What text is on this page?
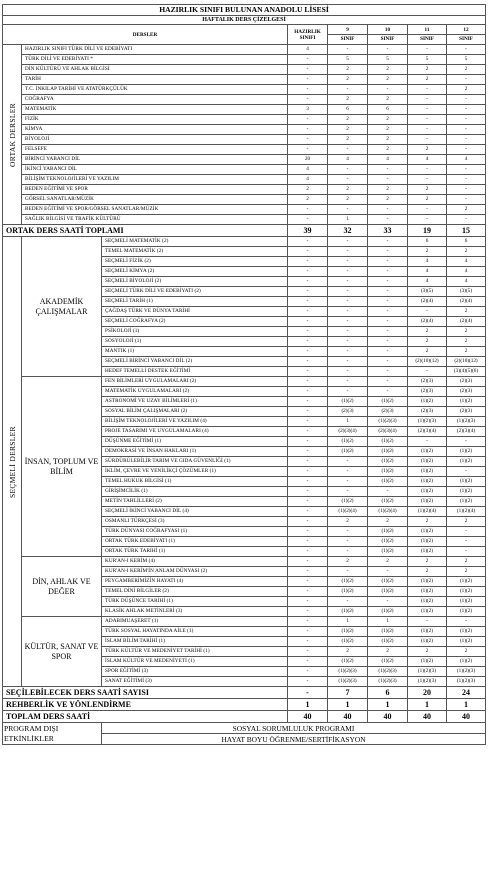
HAZIRLIK SINIFI BULUNAN ANADOLU LİSESİ							
HAFTALIK DERS ÇİZELGESİ							
DERSLER			HAZIRLIK SINIFI	9	10	11	12
				SINIF	SINIF	SINIF	SINIF
ORTAK DERSLER	HAZIRLIK SINIFI TÜRK DİLİ VE EDEBİYATI		4	-	-	-	-
	TÜRK DİLİ VE EDEBİYATI *		-	5	5	5	5
	DİN KÜLTÜRÜ VE AHLAK BİLGİSİ		-	2	2	2	2
	TARİH		-	2	2	2	-
	T.C. İNKILAP TARİHİ VE ATATÜRKÇÜLÜK		-	-	-	-	2
	COĞRAFYA		-	2	2	-	-
	MATEMATİK		3	6	6	-	-
	FİZİK		-	2	2	-	-
	KİMYA		-	2	2	-	-
	BİYOLOJİ		-	2	2	-	-
	FELSEFE		-	-	2	2	-
	BİRİNCİ YABANCI DİL		20	4	4	4	4
	İKİNCİ YABANCI DİL		4	-	-	-	-
	BİLİŞİM TEKNOLOJİLERİ VE YAZILIM		4	-	-	-	-
	BEDEN EĞİTİMİ VE SPOR		2	2	2	2	-
	GÖRSEL SANATLAR/MÜZİK		2	2	2	2	-
	BEDEN EĞİTİMİ VE SPOR/GÖRSEL SANATLAR/MÜZİK		-	-	-	-	2
	SAĞLIK BİLGİSİ VE TRAFİK KÜLTÜRÜ		-	1	-	-	-
ORTAK DERS SAATİ TOPLAMI			39	32	33	19	15
SEÇMELİ DERSLER	AKADEMİK ÇALIŞMALAR	SEÇMELİ MATEMATİK (2)	-	-	-	6	6
		TEMEL MATEMATİK (2)	-	-	-	2	2
		SEÇMELİ FİZİK (2)	-	-	-	4	4
		SEÇMELİ KİMYA (2)	-	-	-	4	4
		SEÇMELİ BİYOLOJİ (2)	-	-	-	4	4
		SEÇMELİ TÜRK DİLİ VE EDEBİYATI (2)	-	-	-	(3)(5)	(3)(5)
		SEÇMELİ TARİH (1)	-	-	-	(2)(4)	(2)(4)
		ÇAĞDAŞ TÜRK VE DÜNYA TARİHİ	-	-	-	-	2
		SEÇMELİ COĞRAFYA (2)	-	-	-	(2)(4)	(2)(4)
		PSİKOLOJİ (1)	-	-	-	2	2
		SOSYOLOJİ (1)	-	-	-	2	2
		MANTIK (1)	-	-	-	2	2
		SEÇMELİ BİRİNCİ YABANCI DİL (2)	-	-	-	(2)(10)(12)	(2)(10)(12)
		HEDEF TEMELLİ DESTEK EĞİTİMİ	-	-	-	-	(3)(4)(5)(6)
	İNSAN, TOPLUM VE BİLİM	FEN BİLİMLERİ UYGULAMALARI (2)	-	-	-	(2)(3)	(2)(3)
		MATEMATİK UYGULAMALARI (2)	-	-	-	(2)(3)	(2)(3)
		ASTRONOMİ VE UZAY BİLİMLERİ (1)	-	(1)(2)	(1)(2)	(1)(2)	(1)(2)
		SOSYAL BİLİM ÇALIŞMALARI (2)	-	(2)(3)	(2)(3)	(2)(3)	(2)(3)
		BİLİŞİM TEKNOLOJİLERİ VE YAZILIM (4)	-	1	(1)(2)(3)	(1)(2)(3)	(1)(2)(3)
		PROJE TASARIMI VE UYGULAMALARI (4)	-	(2)(3)(4)	(2)(3)(4)	(2)(3)(4)	(2)(3)(4)
		DÜŞÜNME EĞİTİMİ (1)	-	(1)(2)	(1)(2)	-	-
		DEMOKRASİ VE İNSAN HAKLARI (1)	-	(1)(2)	(1)(2)	(1)(2)	(1)(2)
		SÜRDÜRÜLEBİLİR TARIM VE GIDA GÜVENLİĞİ (1)	-	-	(1)(2)	(1)(2)	(1)(2)
		İKLİM, ÇEVRE VE YENİLİKÇİ ÇÖZÜMLER (1)	-	-	(1)(2)	(1)(2)	-
		TEMEL HUKUK BİLGİSİ (1)	-	-	(1)(2)	(1)(2)	(1)(2)
		GİRİŞİMCİLİK (1)	-	-	-	(1)(2)	(1)(2)
		METİN TAHLİLLERİ (2)	-	(1)(2)	(1)(2)	(1)(2)	(1)(2)
		SEÇMELİ İKİNCİ YABANCI DİL (4)	-	(1)(2)(4)	(1)(2)(4)	(1)(2)(4)	(1)(2)(4)
		OSMANLI TÜRKÇESİ (3)	-	2	2	2	2
		TÜRK DÜNYASI COĞRAFYASI (1)	-	-	(1)(2)	(1)(2)	-
		ORTAK TÜRK EDEBİYATI (1)	-	-	(1)(2)	(1)(2)	-
		ORTAK TÜRK TARİHİ (1)	-	-	(1)(2)	(1)(2)	-
	DİN, AHLAK VE DEĞER	KUR'AN-I KERİM (4)	-	2	2	2	2
		KUR'AN-I KERİM'İN ANLAM DÜNYASI (2)	-	-	-	2	2
		PEYGAMBERİMİZİN HAYATI (4)	-	(1)(2)	(1)(2)	(1)(2)	(1)(2)
		TEMEL DİNİ BİLGİLER (2)	-	(1)(2)	(1)(2)	(1)(2)	(1)(2)
		TÜRK DÜŞÜNCE TARİHİ (1)	-	-	-	(1)(2)	(1)(2)
		KLASİK AHLAK METİNLERİ (3)	-	(1)(2)	(1)(2)	(1)(2)	(1)(2)
	KÜLTÜR, SANAT VE SPOR	ADABIMUAŞERET (1)	-	1	1	-	-
		TÜRK SOSYAL HAYATINDA AİLE (1)	-	(1)(2)	(1)(2)	(1)(2)	(1)(2)
		İSLAM BİLİM TARİHİ (1)	-	(1)(2)	(1)(2)	(1)(2)	(1)(2)
		TÜRK KÜLTÜR VE MEDENİYET TARİHİ (1)	-	2	2	2	2
		İSLAM KÜLTÜR VE MEDENİYETİ (1)	-	(1)(2)	(1)(2)	(1)(2)	(1)(2)
		SPOR EĞİTİMİ (3)	-	(1)(2)(3)	(1)(2)(3)	(1)(2)(3)	(1)(2)(3)
		SANAT EĞİTİMİ (3)	-	(1)(2)(3)	(1)(2)(3)	(1)(2)(3)	(1)(2)(3)
SEÇİLEBİLECEK DERS SAATİ SAYISI			-	7	6	20	24
REHBERLİK VE YÖNLENDİRME			1	1	1	1	1
TOPLAM DERS SAATİ			40	40	40	40	40
PROGRAM DIŞI ETKİNLİKLER		SOSYAL SORUMLULUK PROGRAMI					
		HAYAT BOYU ÖĞRENME/SERTİFİKASYON					
